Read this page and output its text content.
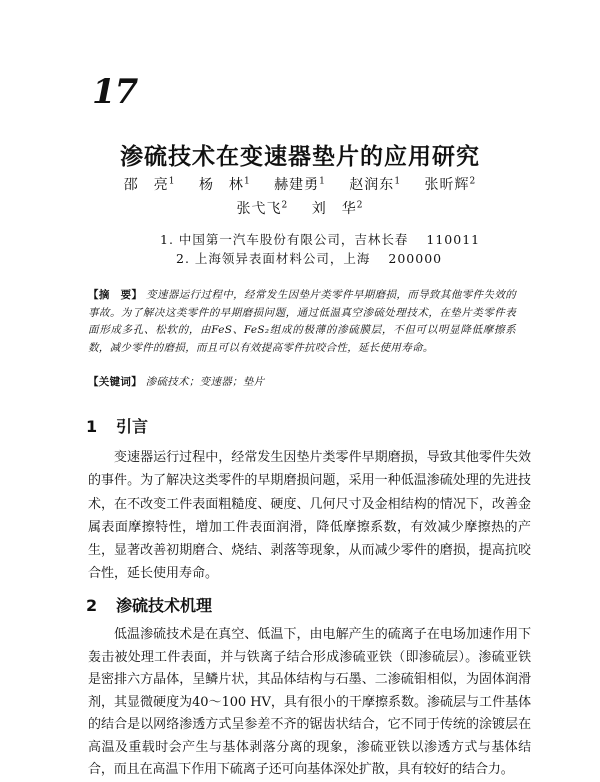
17
渗硫技术在变速器垫片的应用研究
邵　亮$^1$ 杨　林$^1$ 赫建勇$^1$ 赵润东$^1$ 张昕辉$^2$
张弋飞$^2$ 刘　华$^2$
1. 中国第一汽车股份有限公司，吉林长春 110011
2. 上海领异表面材料公司，上海 200000
【摘　要】 变速器运行过程中，经常发生因垫片类零件早期磨损，而导致其他零件失效的事故。为了解决这类零件的早期磨损问题，通过低温真空渗硫处理技术，在垫片类零件表面形成多孔、松软的，由FeS、FeS₂组成的极薄的渗硫膜层，不但可以明显降低摩擦系数，减少零件的磨损，而且可以有效提高零件抗咬合性，延长使用寿命。
【关键词】 渗硫技术；变速器；垫片
1 引言
变速器运行过程中，经常发生因垫片类零件早期磨损，导致其他零件失效的事件。为了解决这类零件的早期磨损问题，采用一种低温渗硫处理的先进技术，在不改变工件表面粗糙度、硬度、几何尺寸及金相结构的情况下，改善金属表面摩擦特性，增加工件表面润滑，降低摩擦系数，有效减少摩擦热的产生，显著改善初期磨合、烧结、剥落等现象，从而减少零件的磨损，提高抗咬合性，延长使用寿命。
2 渗硫技术机理
低温渗硫技术是在真空、低温下，由电解产生的硫离子在电场加速作用下轰击被处理工件表面，并与铁离子结合形成渗硫亚铁（即渗硫层）。渗硫亚铁是密排六方晶体，呈鳞片状，其品体结构与石墨、二渗硫钼相似，为固体润滑剂，其显微硬度为40～100 HV，具有很小的干摩擦系数。渗硫层与工件基体的结合是以网络渗透方式呈参差不齐的锯齿状结合，它不同于传统的涂镀层在高温及重载时会产生与基体剥落分离的现象，渗硫亚铁以渗透方式与基体结合，而且在高温下作用下硫离子还可向基体深处扩散，具有较好的结合力。
